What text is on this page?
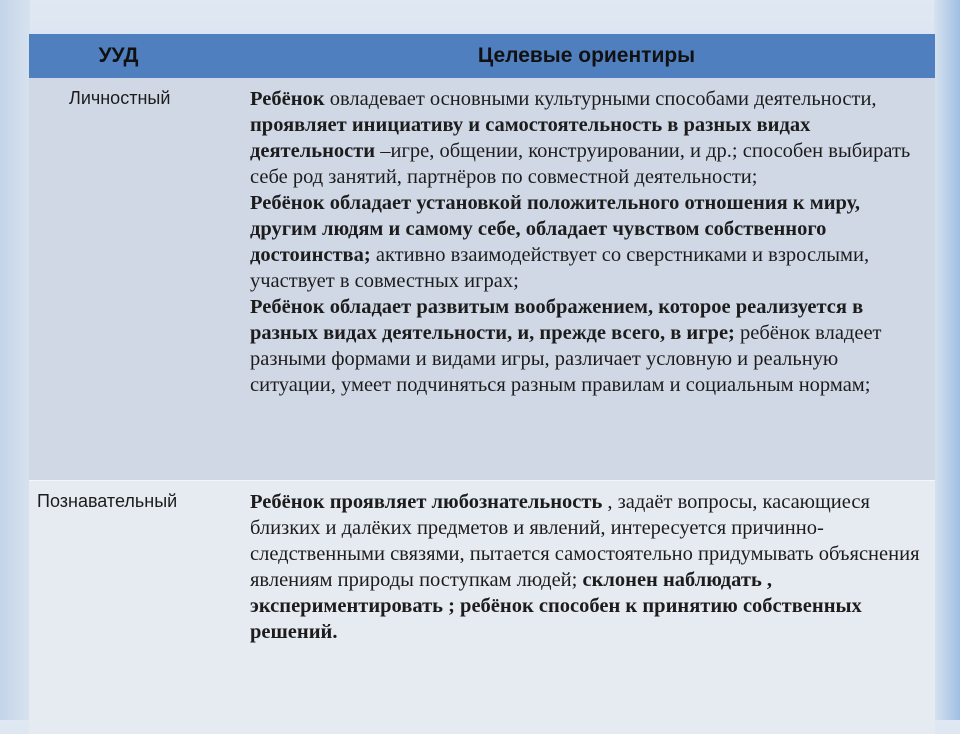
УУД	Целевые ориентиры
Личностный	Ребёнок овладевает основными культурными способами деятельности, проявляет инициативу и самостоятельность в разных видах деятельности –игре, общении, конструировании, и др.; способен выбирать себе род занятий, партнёров по совместной деятельности;
Ребёнок обладает установкой положительного отношения к миру, другим людям и самому себе, обладает чувством собственного достоинства; активно взаимодействует со сверстниками и взрослыми, участвует в совместных играх;
Ребёнок обладает развитым воображением, которое реализуется в разных видах деятельности, и, прежде всего, в игре; ребёнок владеет разными формами и видами игры, различает условную и реальную ситуации, умеет подчиняться разным правилам и социальным нормам;

Познавательный	Ребёнок проявляет любознательность , задаёт вопросы, касающиеся близких и далёких предметов и явлений, интересуется причинно-следственными связями, пытается самостоятельно придумывать объяснения явлениям природы поступкам людей; склонен наблюдать , экспериментировать ; ребёнок способен к принятию собственных решений.
